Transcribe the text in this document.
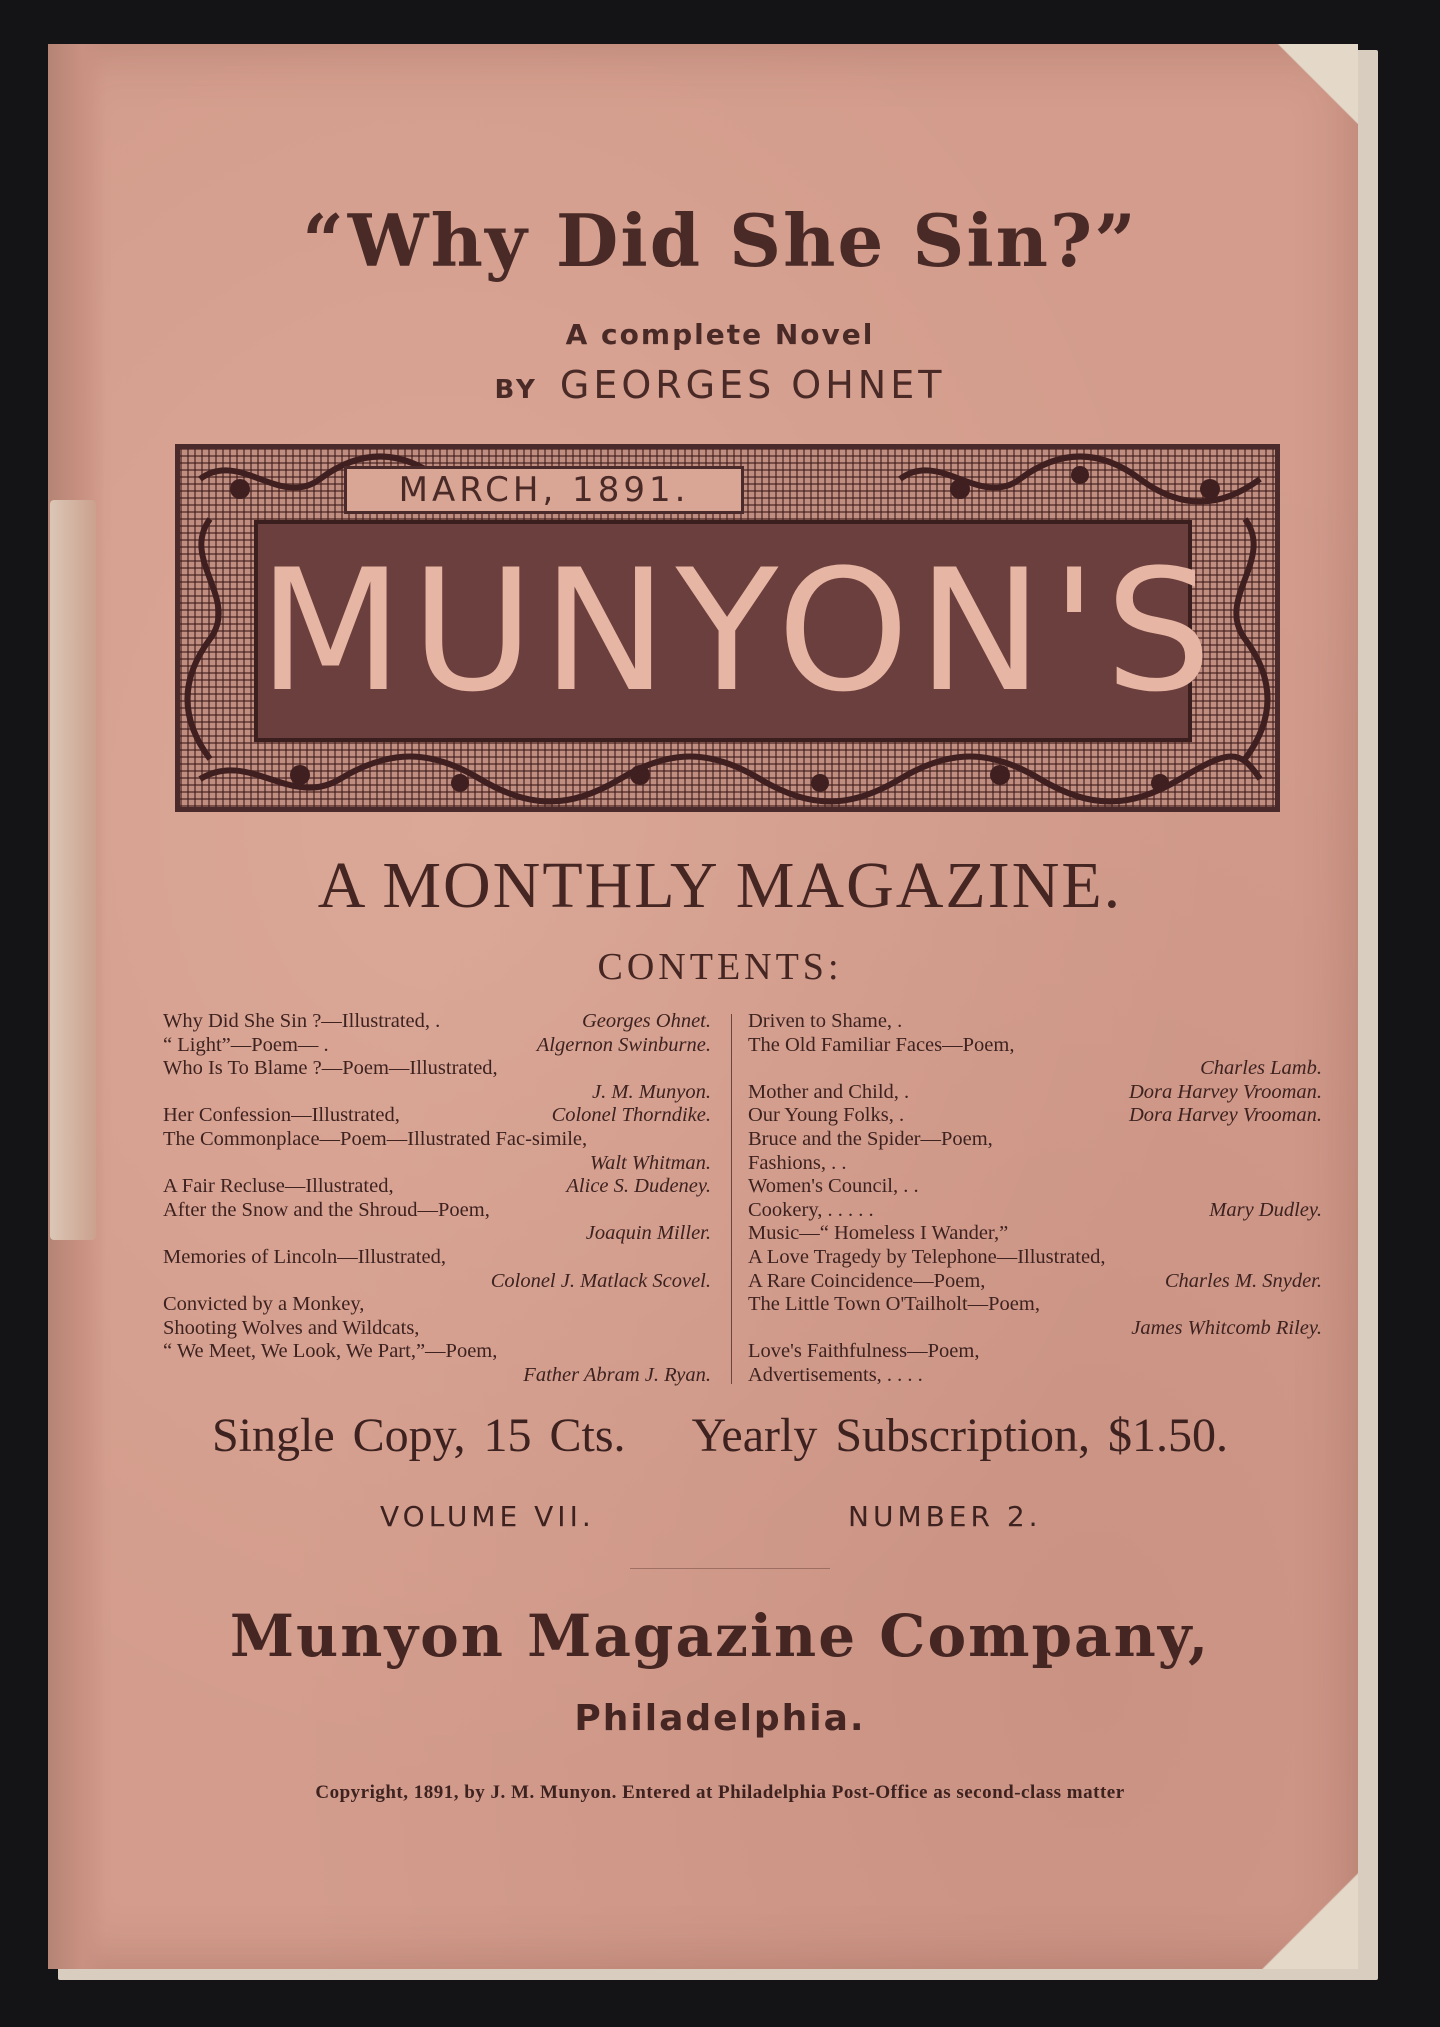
“Why Did She Sin?”
A complete Novel
BY GEORGES OHNET
MARCH, 1891.
MUNYON'S
A MONTHLY MAGAZINE.
CONTENTS:
Why Did She Sin ?—Illustrated, .	Georges Ohnet.
“ Light”—Poem— .	Algernon Swinburne.
Who Is To Blame ?—Poem—Illustrated,
J. M. Munyon.
Her Confession—Illustrated,	Colonel Thorndike.
The Commonplace—Poem—Illustrated Fac-simile,
Walt Whitman.
A Fair Recluse—Illustrated,	Alice S. Dudeney.
After the Snow and the Shroud—Poem,
Joaquin Miller.
Memories of Lincoln—Illustrated,
Colonel J. Matlack Scovel.
Convicted by a Monkey,
Shooting Wolves and Wildcats,
“ We Meet, We Look, We Part,”—Poem,
Father Abram J. Ryan.
Driven to Shame, .
The Old Familiar Faces—Poem,
Charles Lamb.
Mother and Child, .	Dora Harvey Vrooman.
Our Young Folks, .	Dora Harvey Vrooman.
Bruce and the Spider—Poem,
Fashions, . .
Women's Council, . .
Cookery, . . . . .	Mary Dudley.
Music—“ Homeless I Wander,”
A Love Tragedy by Telephone—Illustrated,
A Rare Coincidence—Poem,	Charles M. Snyder.
The Little Town O'Tailholt—Poem,
James Whitcomb Riley.
Love's Faithfulness—Poem,
Advertisements, . . . .
Single Copy, 15 Cts. Yearly Subscription, $1.50.
VOLUME VII.	NUMBER 2.
Munyon Magazine Company,
Philadelphia.
Copyright, 1891, by J. M. Munyon. Entered at Philadelphia Post-Office as second-class matter
